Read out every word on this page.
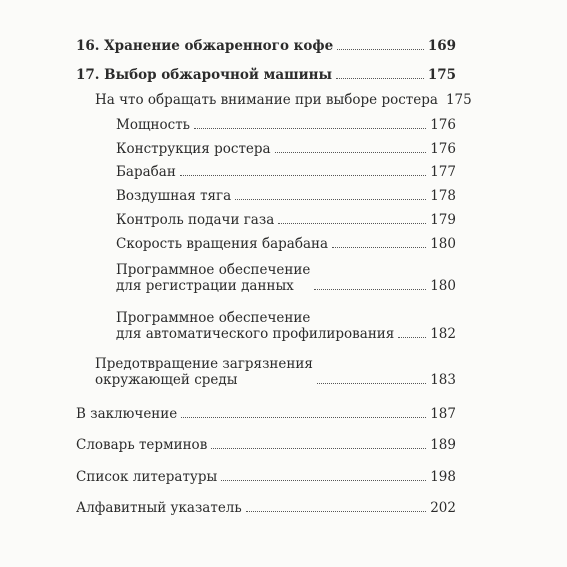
16. Хранение обжаренного кофе	169
17. Выбор обжарочной машины	175
На что обращать внимание при выборе ростера 175
Мощность	176
Конструкция ростера	176
Барабан	177
Воздушная тяга	178
Контроль подачи газа	179
Скорость вращения барабана	180
Программное обеспечение
для регистрации данных	180
Программное обеспечение
для автоматического профилирования	182
Предотвращение загрязнения
окружающей среды	183
В заключение	187
Словарь терминов	189
Список литературы	198
Алфавитный указатель	202
